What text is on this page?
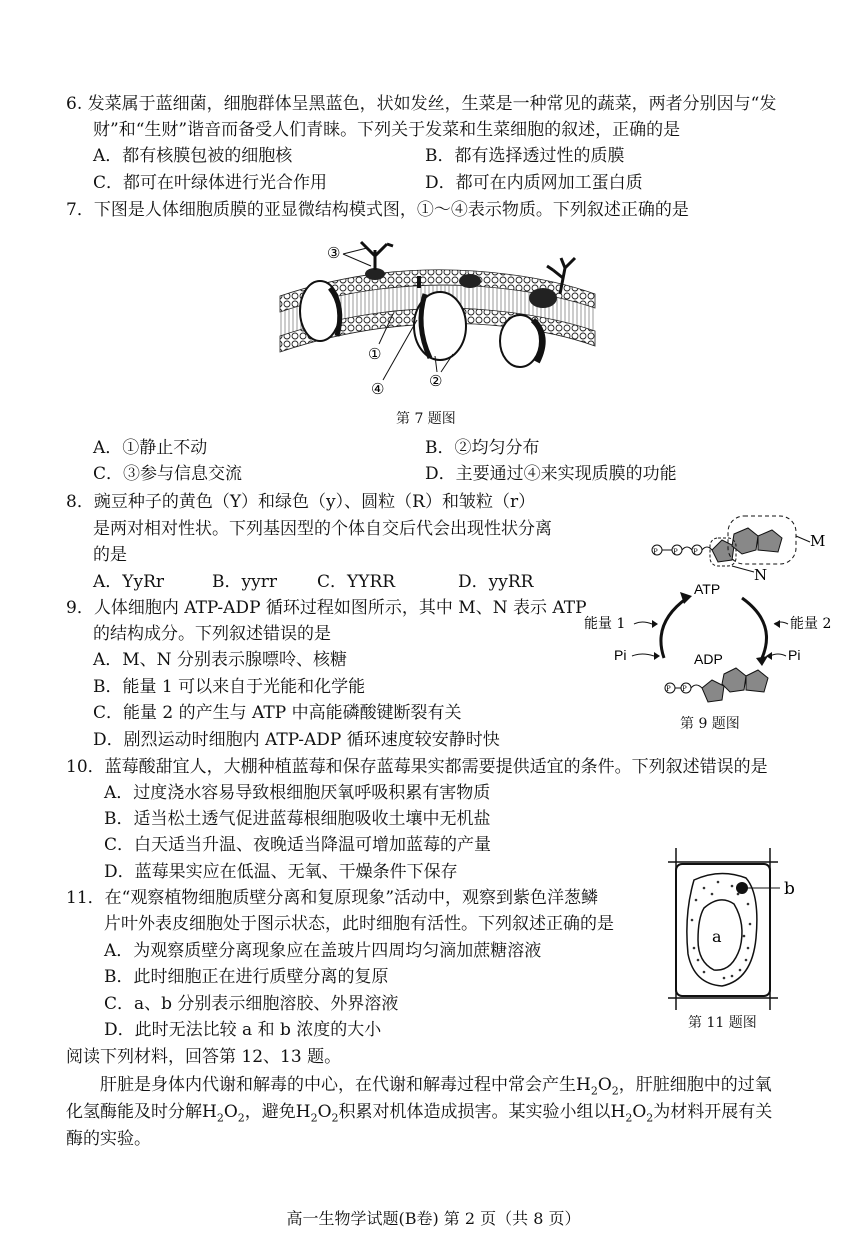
6. 发菜属于蓝细菌，细胞群体呈黑蓝色，状如发丝，生菜是一种常见的蔬菜，两者分别因与“发
财”和“生财”谐音而备受人们青睐。下列关于发菜和生菜细胞的叙述，正确的是
A．都有核膜包被的细胞核	B．都有选择透过性的质膜
C．都可在叶绿体进行光合作用	D．都可在内质网加工蛋白质
7．下图是人体细胞质膜的亚显微结构模式图，①～④表示物质。下列叙述正确的是
③
①
④	②
第 7 题图
A．①静止不动	B．②均匀分布
C．③参与信息交流	D．主要通过④来实现质膜的功能
8．豌豆种子的黄色（Y）和绿色（y）、圆粒（R）和皱粒（r）
是两对相对性状。下列基因型的个体自交后代会出现性状分离
的是
A．YyRr	B．yyrr C．YYRR	D．yyRR
P P P
M
N
ATP
能量 1	能量 2
Pi	Pi
ADP
P P
9．人体细胞内 ATP-ADP 循环过程如图所示，其中 M、N 表示 ATP
的结构成分。下列叙述错误的是
A．M、N 分别表示腺嘌呤、核糖
B．能量 1 可以来自于光能和化学能
C．能量 2 的产生与 ATP 中高能磷酸键断裂有关
D．剧烈运动时细胞内 ATP-ADP 循环速度较安静时快
第 9 题图
10．蓝莓酸甜宜人，大棚种植蓝莓和保存蓝莓果实都需要提供适宜的条件。下列叙述错误的是
A．过度浇水容易导致根细胞厌氧呼吸积累有害物质
B．适当松土透气促进蓝莓根细胞吸收土壤中无机盐
C．白天适当升温、夜晚适当降温可增加蓝莓的产量
D．蓝莓果实应在低温、无氧、干燥条件下保存
b
a
11．在“观察植物细胞质壁分离和复原现象”活动中，观察到紫色洋葱鳞
片叶外表皮细胞处于图示状态，此时细胞有活性。下列叙述正确的是
A．为观察质壁分离现象应在盖玻片四周均匀滴加蔗糖溶液
B．此时细胞正在进行质壁分离的复原
C．a、b 分别表示细胞溶胶、外界溶液
D．此时无法比较 a 和 b 浓度的大小	第 11 题图
阅读下列材料，回答第 12、13 题。
肝脏是身体内代谢和解毒的中心，在代谢和解毒过程中常会产生$H_2O_2$，肝脏细胞中的过氧
化氢酶能及时分解$H_2O_2$，避免$H_2O_2$积累对机体造成损害。某实验小组以$H_2O_2$为材料开展有关
酶的实验。
高一生物学试题(B卷) 第 2 页（共 8 页）
